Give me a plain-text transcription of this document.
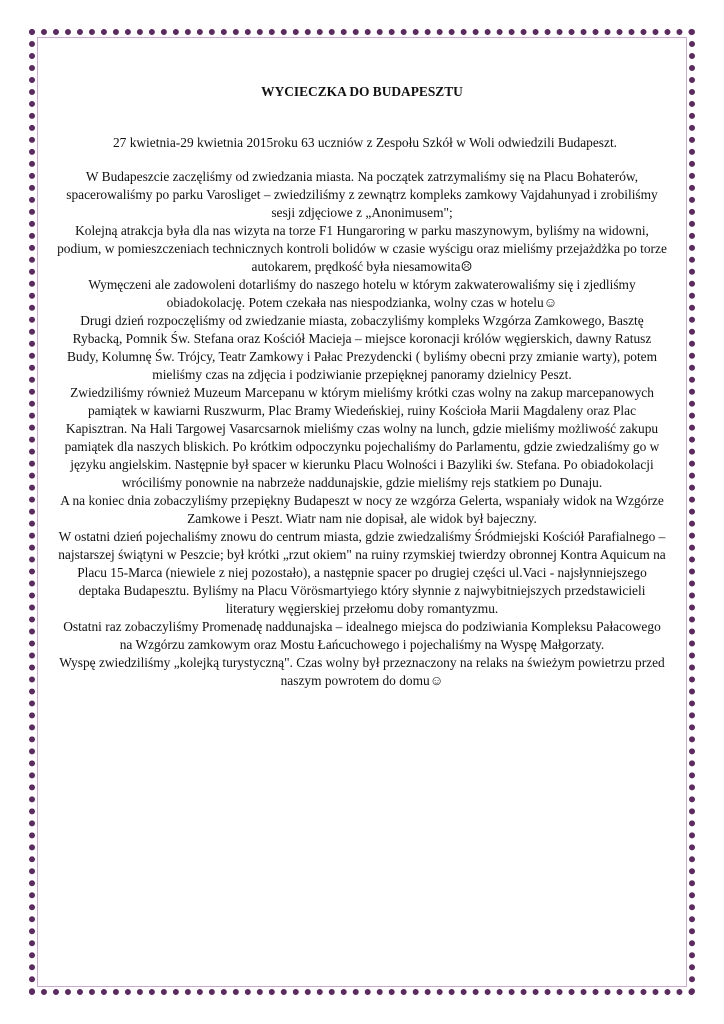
WYCIECZKA DO BUDAPESZTU
27 kwietnia-29 kwietnia 2015roku 63 uczniów z Zespołu Szkół w Woli odwiedzili Budapeszt.

W Budapeszcie zaczęliśmy od zwiedzania miasta. Na początek zatrzymaliśmy się na Placu Bohaterów, spacerowaliśmy po parku Varosliget – zwiedziliśmy z zewnątrz kompleks zamkowy Vajdahunyad i zrobiliśmy sesji zdjęciowe z „Anonimusem";

Kolejną atrakcja była dla nas wizyta na torze F1 Hungaroring w parku maszynowym, byliśmy na widowni, podium, w pomieszczeniach technicznych kontroli bolidów w czasie wyścigu oraz mieliśmy przejażdżka po torze autokarem, prędkość była niesamowita☹

Wymęczeni ale zadowoleni dotarliśmy do naszego hotelu w którym zakwaterowaliśmy się i zjedliśmy obiadokolację. Potem czekała nas niespodzianka, wolny czas w hotelu☺

Drugi dzień rozpoczęliśmy od zwiedzanie miasta, zobaczyliśmy kompleks Wzgórza Zamkowego, Basztę Rybacką, Pomnik Św. Stefana oraz Kościół Macieja – miejsce koronacji królów węgierskich, dawny Ratusz Budy, Kolumnę Św. Trójcy, Teatr Zamkowy i Pałac Prezydencki ( byliśmy obecni przy zmianie warty), potem mieliśmy czas na zdjęcia i podziwianie przepięknej panoramy dzielnicy Peszt.

Zwiedziliśmy również Muzeum Marcepanu w którym mieliśmy krótki czas wolny na zakup marcepanowych pamiątek w kawiarni Ruszwurm, Plac Bramy Wiedeńskiej, ruiny Kościoła Marii Magdaleny oraz Plac Kapisztran. Na Hali Targowej Vasarcsarnok mieliśmy czas wolny na lunch, gdzie mieliśmy możliwość zakupu pamiątek dla naszych bliskich. Po krótkim odpoczynku pojechaliśmy do Parlamentu, gdzie zwiedzaliśmy go w języku angielskim. Następnie był spacer w kierunku Placu Wolności i Bazyliki św. Stefana. Po obiadokolacji wróciliśmy ponownie na nabrzeże naddunajskie, gdzie mieliśmy rejs statkiem po Dunaju.

A na koniec dnia zobaczyliśmy przepiękny Budapeszt w nocy ze wzgórza Gelerta, wspaniały widok na Wzgórze Zamkowe i Peszt. Wiatr nam nie dopisał, ale widok był bajeczny.

W ostatni dzień pojechaliśmy znowu do centrum miasta, gdzie zwiedzaliśmy Śródmiejski Kościół Parafialnego – najstarszej świątyni w Peszcie; był krótki „rzut okiem" na ruiny rzymskiej twierdzy obronnej Kontra Aquicum na Placu 15-Marca (niewiele z niej pozostało), a następnie spacer po drugiej części ul.Vaci - najsłynniejszego deptaka Budapesztu. Byliśmy na Placu Vörösmartyiego który słynnie z najwybitniejszych przedstawicieli literatury węgierskiej przełomu doby romantyzmu.

Ostatni raz zobaczyliśmy Promenadę naddunajska – idealnego miejsca do podziwiania Kompleksu Pałacowego na Wzgórzu zamkowym oraz Mostu Łańcuchowego i pojechaliśmy na Wyspę Małgorzaty.

Wyspę zwiedziliśmy „kolejką turystyczną". Czas wolny był przeznaczony na relaks na świeżym powietrzu przed naszym powrotem do domu☺
